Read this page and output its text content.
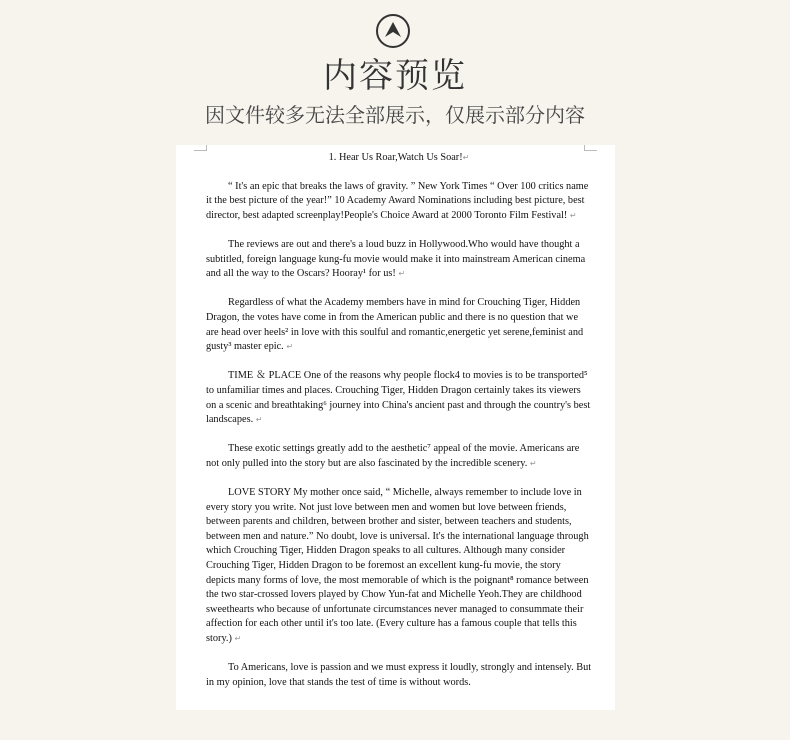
内容预览
因文件较多无法全部展示，仅展示部分内容
1. Hear Us Roar,Watch Us Soar!↵

“ It's an epic that breaks the laws of gravity. ” New York Times “ Over 100 critics name it the best picture of the year!” 10 Academy Award Nominations including best picture, best director, best adapted screenplay!People's Choice Award at 2000 Toronto Film Festival! ↵

The reviews are out and there's a loud buzz in Hollywood.Who would have thought a subtitled, foreign language kung-fu movie would make it into mainstream American cinema and all the way to the Oscars? Hooray¹ for us! ↵

Regardless of what the Academy members have in mind for Crouching Tiger, Hidden Dragon, the votes have come in from the American public and there is no question that we are head over heels² in love with this soulful and romantic,energetic yet serene,feminist and gusty³ master epic. ↵

TIME ＆ PLACE One of the reasons why people flock4 to movies is to be transported⁵ to unfamiliar times and places. Crouching Tiger, Hidden Dragon certainly takes its viewers on a scenic and breathtaking⁶ journey into China's ancient past and through the country's best landscapes. ↵

These exotic settings greatly add to the aesthetic⁷ appeal of the movie. Americans are not only pulled into the story but are also fascinated by the incredible scenery. ↵

LOVE STORY My mother once said, “ Michelle, always remember to include love in every story you write. Not just love between men and women but love between friends, between parents and children, between brother and sister, between teachers and students, between men and nature.” No doubt, love is universal. It's the international language through which Crouching Tiger, Hidden Dragon speaks to all cultures. Although many consider Crouching Tiger, Hidden Dragon to be foremost an excellent kung-fu movie, the story depicts many forms of love, the most memorable of which is the poignant⁸ romance between the two star-crossed lovers played by Chow Yun-fat and Michelle Yeoh.They are childhood sweethearts who because of unfortunate circumstances never managed to consummate their affection for each other until it's too late. (Every culture has a famous couple that tells this story.) ↵

To Americans, love is passion and we must express it loudly, strongly and intensely. But in my opinion, love that stands the test of time is without words.
